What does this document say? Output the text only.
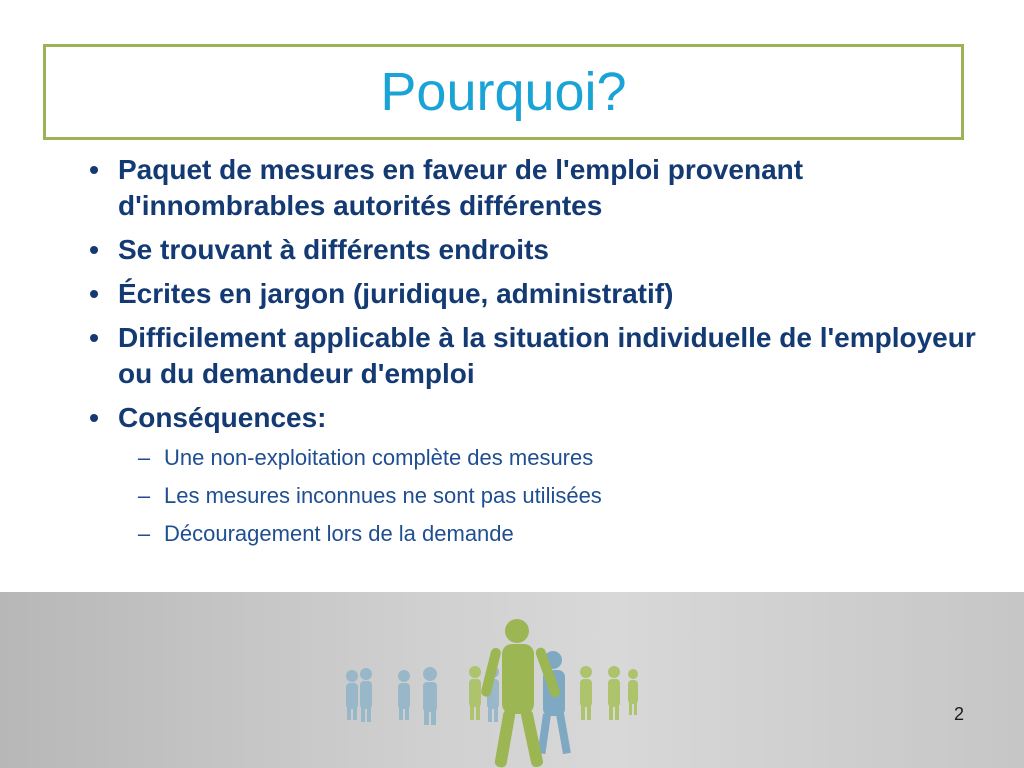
Pourquoi?
• Paquet de mesures en faveur de l'emploi provenant d'innombrables autorités différentes
• Se trouvant à différents endroits
• Écrites en jargon (juridique, administratif)
• Difficilement applicable à la situation individuelle de l'employeur ou du demandeur d'emploi
• Conséquences:
– Une non-exploitation complète des mesures
– Les mesures inconnues ne sont pas utilisées
– Découragement lors de la demande
2
